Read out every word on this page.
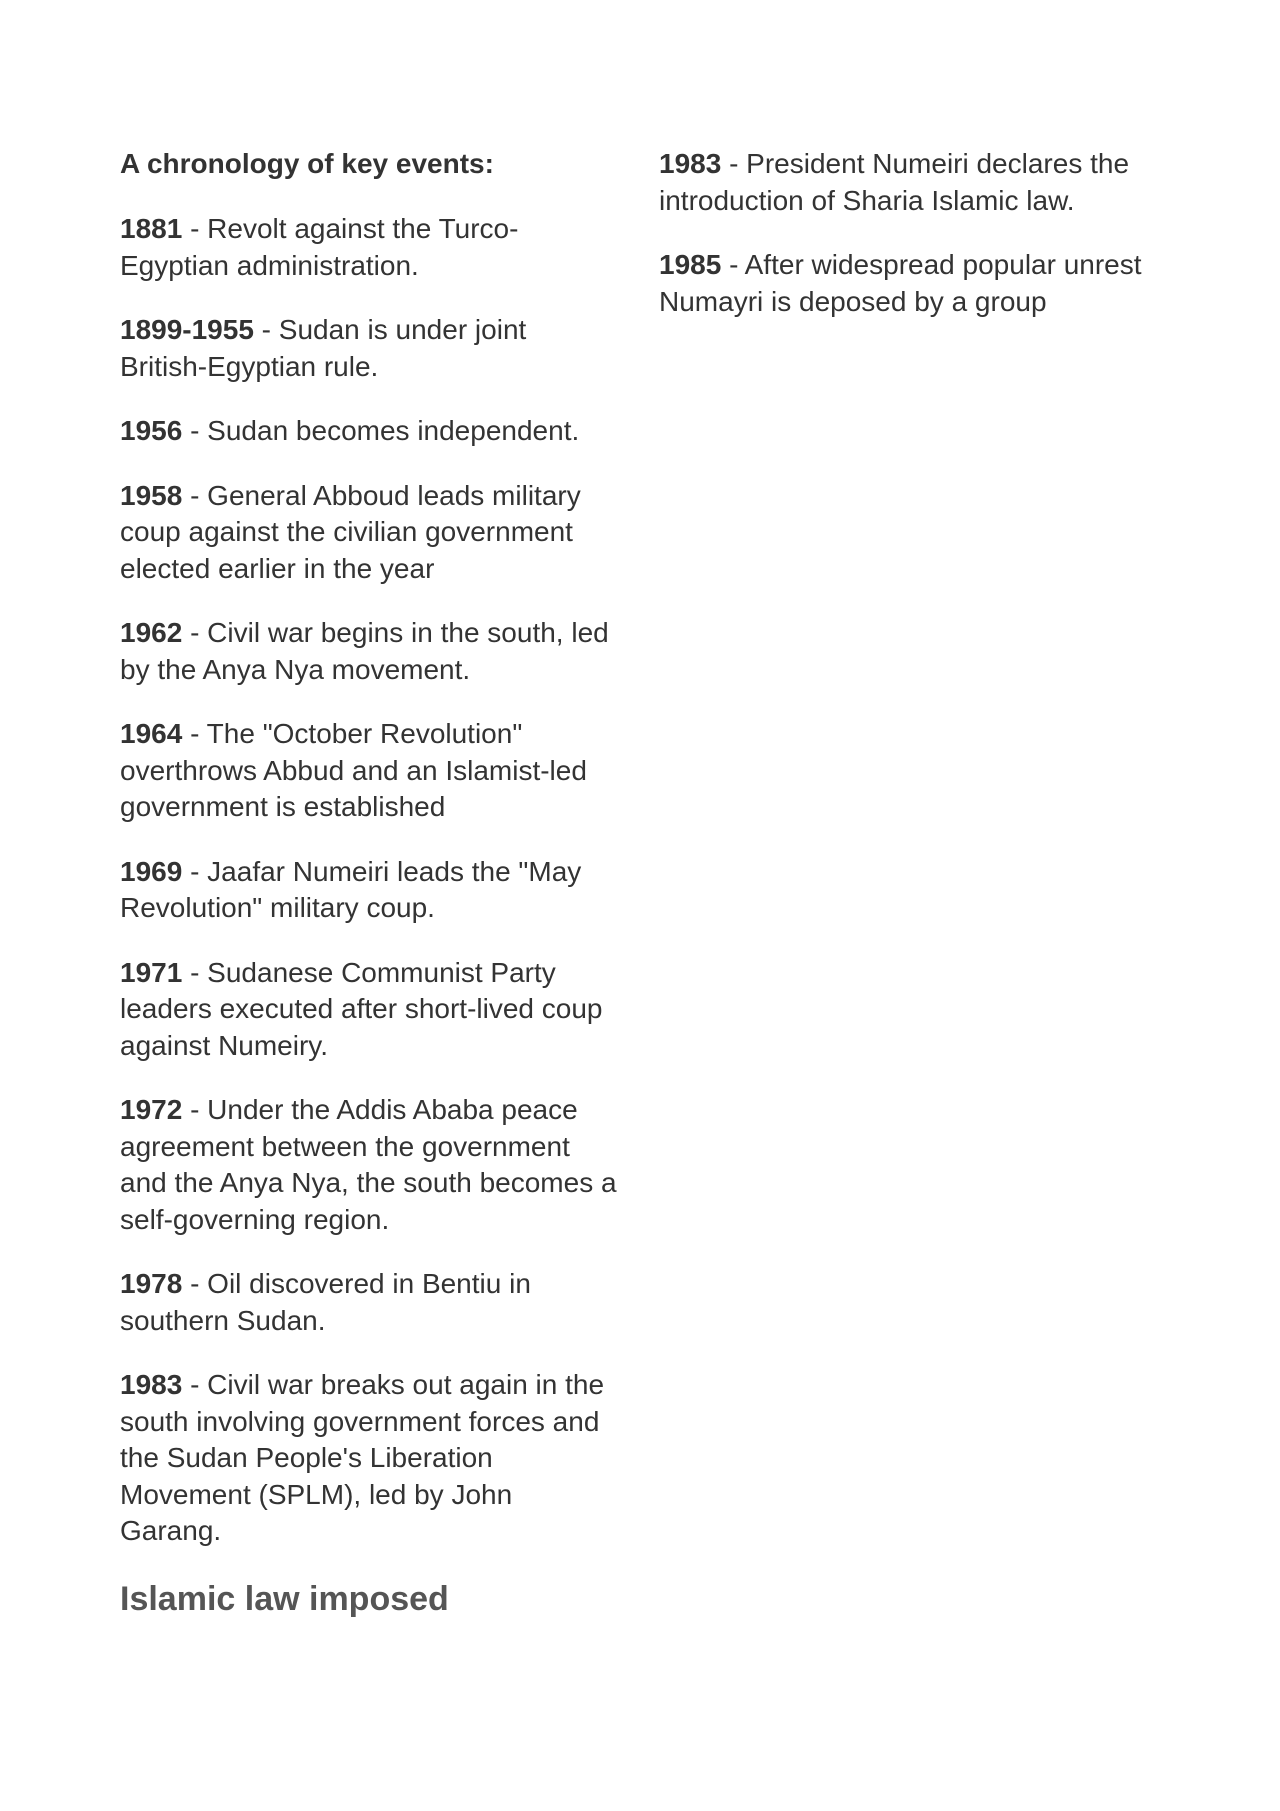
A chronology of key events:
1881 - Revolt against the Turco-Egyptian administration.
1899-1955 - Sudan is under joint British-Egyptian rule.
1956 - Sudan becomes independent.
1958 - General Abboud leads military coup against the civilian government elected earlier in the year
1962 - Civil war begins in the south, led by the Anya Nya movement.
1964 - The "October Revolution" overthrows Abbud and an Islamist-led government is established
1969 - Jaafar Numeiri leads the "May Revolution" military coup.
1971 - Sudanese Communist Party leaders executed after short-lived coup against Numeiry.
1972 - Under the Addis Ababa peace agreement between the government and the Anya Nya, the south becomes a self-governing region.
1978 - Oil discovered in Bentiu in southern Sudan.
1983 - Civil war breaks out again in the south involving government forces and the Sudan People's Liberation Movement (SPLM), led by John Garang.
Islamic law imposed
1983 - President Numeiri declares the introduction of Sharia Islamic law.
1985 - After widespread popular unrest Numayri is deposed by a group
